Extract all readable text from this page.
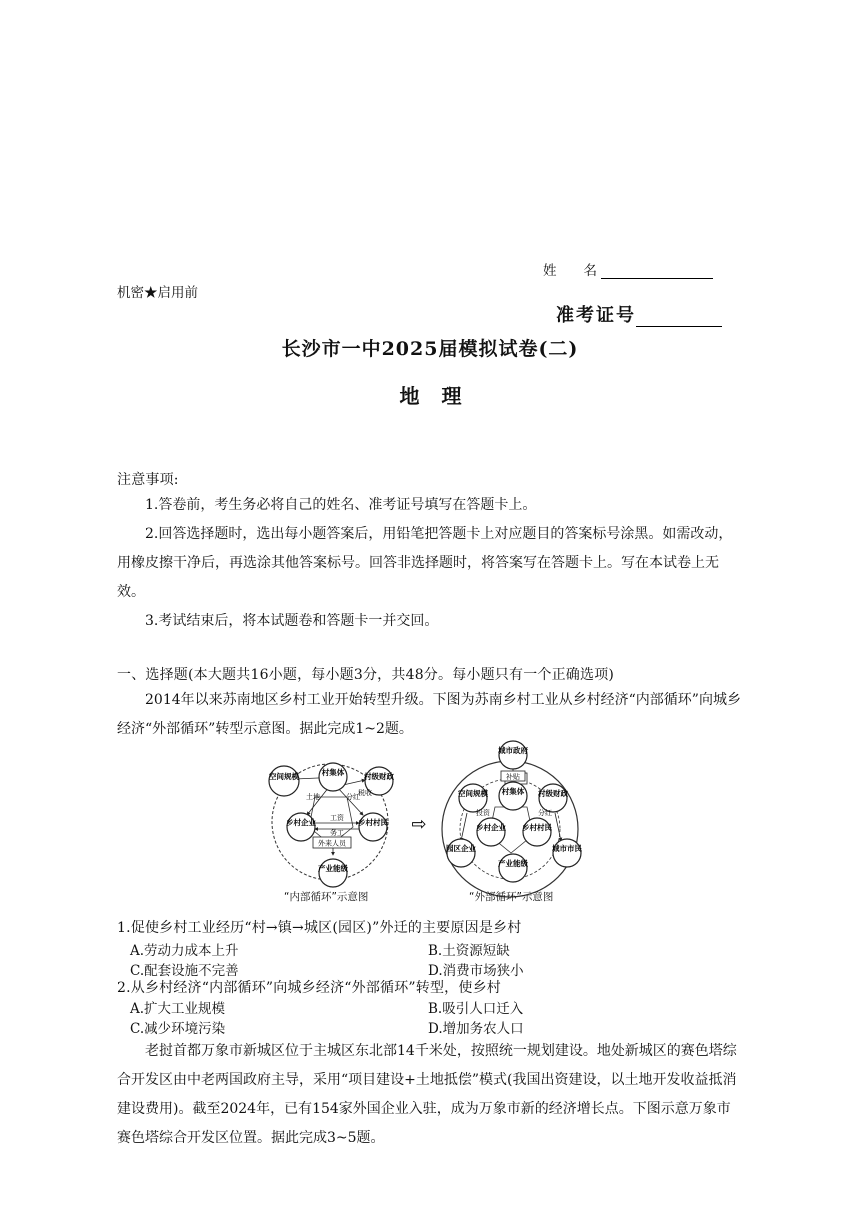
姓　　名
机密★启用前
准考证号
长沙市一中2025届模拟试卷(二)
地理
注意事项:
1.答卷前，考生务必将自己的姓名、准考证号填写在答题卡上。
2.回答选择题时，选出每小题答案后，用铅笔把答题卡上对应题目的答案标号涂黑。如需改动，用橡皮擦干净后，再选涂其他答案标号。回答非选择题时，将答案写在答题卡上。写在本试卷上无效。
3.考试结束后，将本试题卷和答题卡一并交回。
一、选择题(本大题共16小题，每小题3分，共48分。每小题只有一个正确选项)
2014年以来苏南地区乡村工业开始转型升级。下图为苏南乡村工业从乡村经济“内部循环”向城乡经济“外部循环”转型示意图。据此完成1~2题。
空间规模	村集体	村级财政
乡村企业	乡村村民
产业能级
土地	分红
税收
工资
务工
外来人员
⇨
城市政府
空间规模 村集体 村级财政
乡村企业 乡村村民
园区企业	城市市民
产业能级
补贴
投资	分红
“内部循环”示意图	“外部循环”示意图
1.促使乡村工业经历“村→镇→城区(园区)”外迁的主要原因是乡村
A.劳动力成本上升	B.土资源短缺
C.配套设施不完善	D.消费市场狭小
2.从乡村经济“内部循环”向城乡经济“外部循环”转型，使乡村
A.扩大工业规模	B.吸引人口迁入
C.减少环境污染	D.增加务农人口
老挝首都万象市新城区位于主城区东北部14千米处，按照统一规划建设。地处新城区的赛色塔综合开发区由中老两国政府主导，采用“项目建设+土地抵偿”模式(我国出资建设，以土地开发收益抵消建设费用)。截至2024年，已有154家外国企业入驻，成为万象市新的经济增长点。下图示意万象市赛色塔综合开发区位置。据此完成3~5题。
